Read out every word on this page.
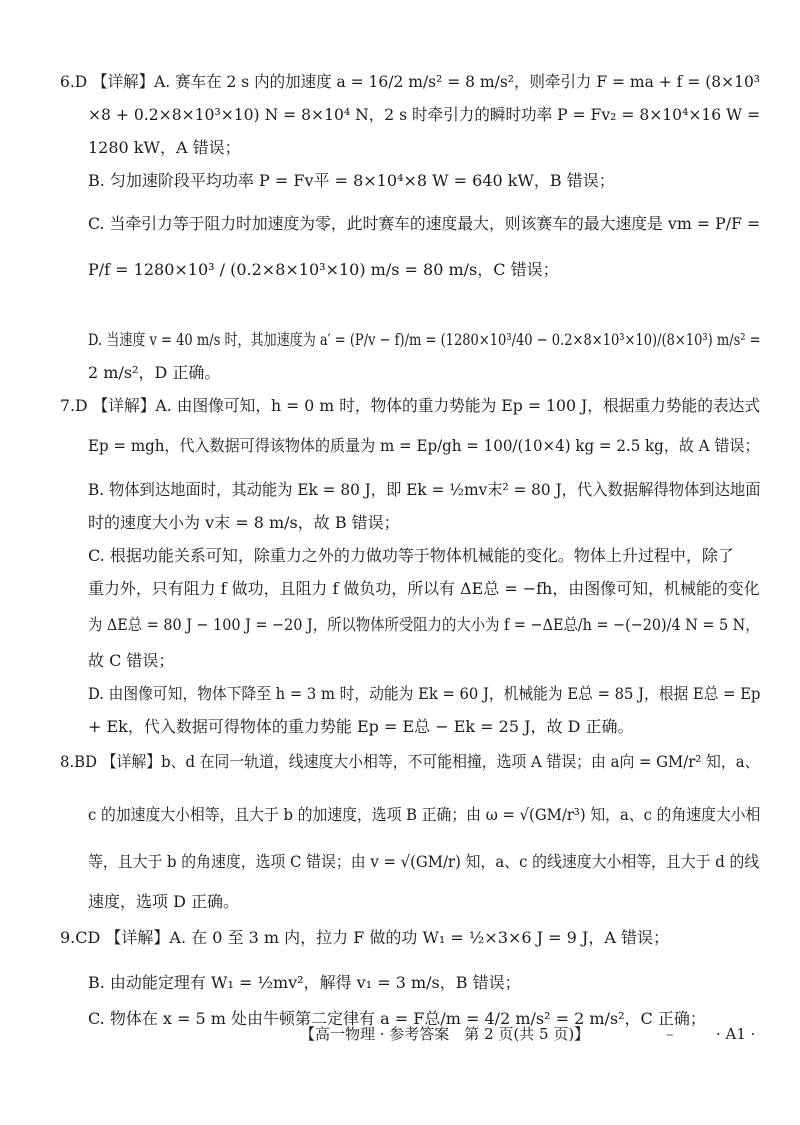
6.D 【详解】A. 赛车在 2 s 内的加速度 a = 16/2 m/s² = 8 m/s²，则牵引力 F = ma + f = (8×10³
×8 + 0.2×8×10³×10) N = 8×10⁴ N，2 s 时牵引力的瞬时功率 P = Fv₂ = 8×10⁴×16 W =
1280 kW，A 错误；
B. 匀加速阶段平均功率 P = Fv平 = 8×10⁴×8 W = 640 kW，B 错误；
C. 当牵引力等于阻力时加速度为零，此时赛车的速度最大，则该赛车的最大速度是 vm = P/F =
P/f = 1280×10³ / (0.2×8×10³×10) m/s = 80 m/s，C 错误；
D. 当速度 v = 40 m/s 时，其加速度为 a′ = (P/v − f)/m = (1280×10³/40 − 0.2×8×10³×10)/(8×10³) m/s² =
2 m/s²，D 正确。
7.D 【详解】A. 由图像可知，h = 0 m 时，物体的重力势能为 Ep = 100 J，根据重力势能的表达式
Ep = mgh，代入数据可得该物体的质量为 m = Ep/gh = 100/(10×4) kg = 2.5 kg，故 A 错误；
B. 物体到达地面时，其动能为 Ek = 80 J，即 Ek = ½mv末² = 80 J，代入数据解得物体到达地面
时的速度大小为 v末 = 8 m/s，故 B 错误；
C. 根据功能关系可知，除重力之外的力做功等于物体机械能的变化。物体上升过程中，除了
重力外，只有阻力 f 做功，且阻力 f 做负功，所以有 ΔE总 = −fh，由图像可知，机械能的变化
为 ΔE总 = 80 J − 100 J = −20 J，所以物体所受阻力的大小为 f = −ΔE总/h = −(−20)/4 N = 5 N，
故 C 错误；
D. 由图像可知，物体下降至 h = 3 m 时，动能为 Ek = 60 J，机械能为 E总 = 85 J，根据 E总 = Ep
+ Ek，代入数据可得物体的重力势能 Ep = E总 − Ek = 25 J，故 D 正确。
8.BD 【详解】b、d 在同一轨道，线速度大小相等，不可能相撞，选项 A 错误；由 a向 = GM/r² 知，a、
c 的加速度大小相等，且大于 b 的加速度，选项 B 正确；由 ω = √(GM/r³) 知，a、c 的角速度大小相
等，且大于 b 的角速度，选项 C 错误；由 v = √(GM/r) 知，a、c 的线速度大小相等，且大于 d 的线
速度，选项 D 正确。
9.CD 【详解】A. 在 0 至 3 m 内，拉力 F 做的功 W₁ = ½×3×6 J = 9 J，A 错误；
B. 由动能定理有 W₁ = ½mv²，解得 v₁ = 3 m/s，B 错误；
C. 物体在 x = 5 m 处由牛顿第二定律有 a = F总/m = 4/2 m/s² = 2 m/s²，C 正确；
【高一物理 · 参考答案　第 2 页(共 5 页)】	–	· A1 ·
